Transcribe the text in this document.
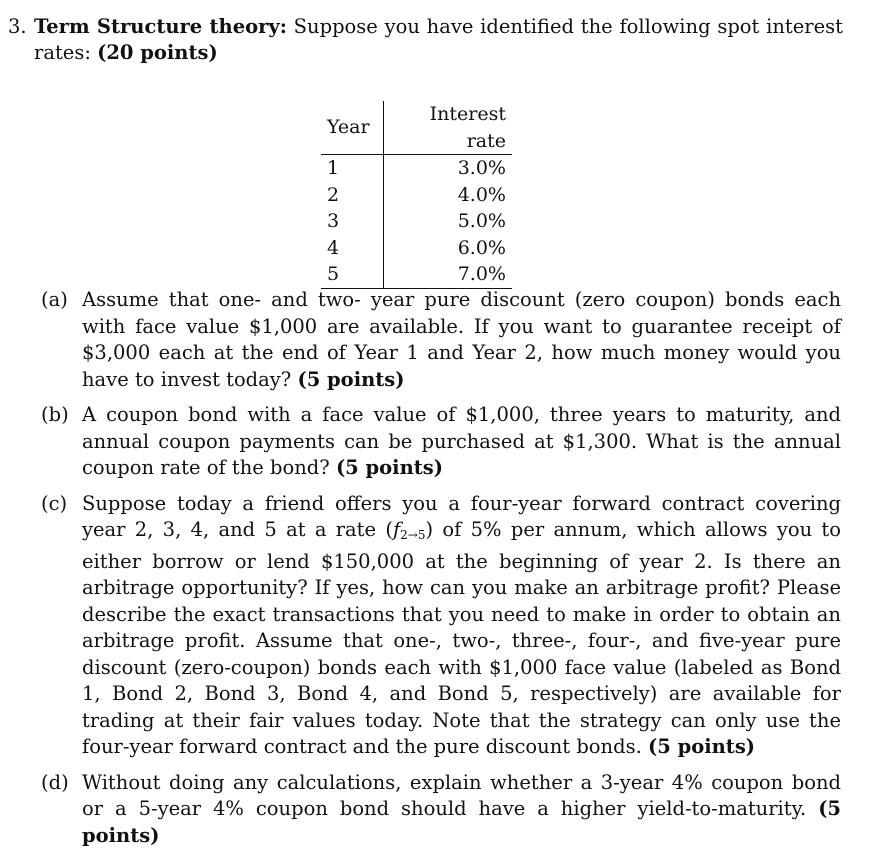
3. Term Structure theory: Suppose you have identified the following spot interest rates: (20 points)
Year	Interest rate
1	3.0%
2	4.0%
3	5.0%
4	6.0%
5	7.0%
(a) Assume that one- and two- year pure discount (zero coupon) bonds each with face value $1,000 are available. If you want to guarantee receipt of $3,000 each at the end of Year 1 and Year 2, how much money would you have to invest today? (5 points)
(b) A coupon bond with a face value of $1,000, three years to maturity, and annual coupon payments can be purchased at $1,300. What is the annual coupon rate of the bond? (5 points)
(c) Suppose today a friend offers you a four-year forward contract covering year 2, 3, 4, and 5 at a rate $(f_{2\to 5})$ of 5% per annum, which allows you to either borrow or lend $150,000 at the beginning of year 2. Is there an arbitrage opportunity? If yes, how can you make an arbitrage profit? Please describe the exact transactions that you need to make in order to obtain an arbitrage profit. Assume that one-, two-, three-, four-, and five-year pure discount (zero-coupon) bonds each with $1,000 face value (labeled as Bond 1, Bond 2, Bond 3, Bond 4, and Bond 5, respectively) are available for trading at their fair values today. Note that the strategy can only use the four-year forward contract and the pure discount bonds. (5 points)
(d) Without doing any calculations, explain whether a 3-year 4% coupon bond or a 5-year 4% coupon bond should have a higher yield-to-maturity. (5 points)
